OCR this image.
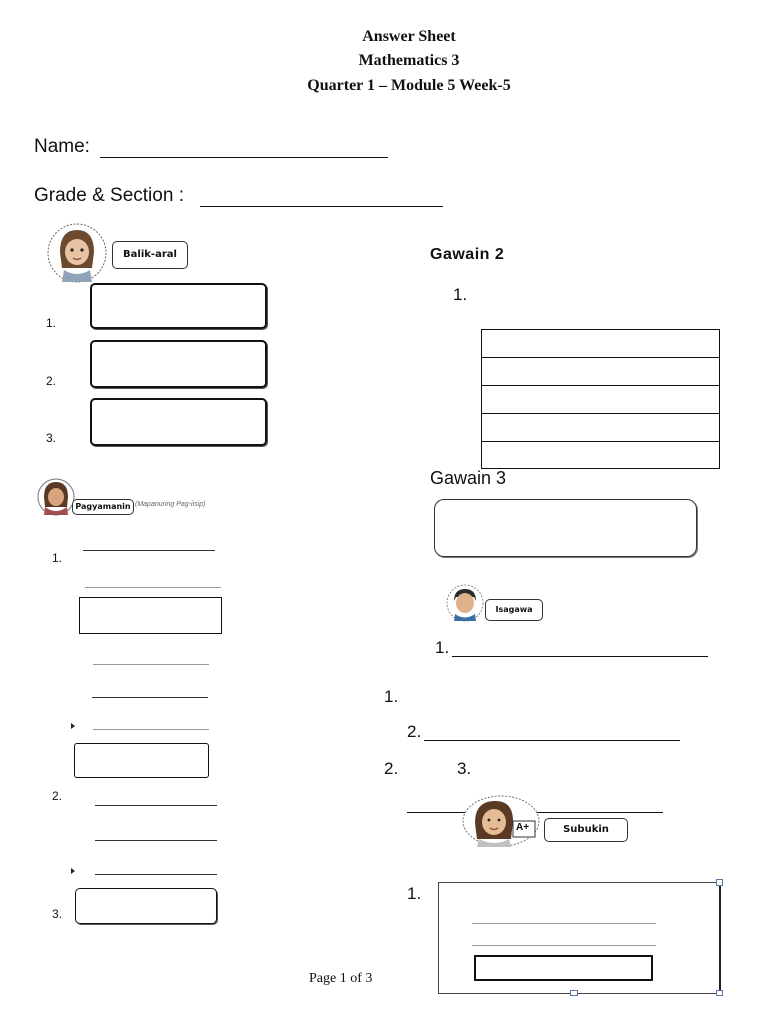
Answer Sheet
Mathematics 3
Quarter 1 – Module 5 Week-5
Name:
Grade & Section :
Balik-aral
1.
2.
3.
Pagyamanin (Mapanuring Pag-iisip)
1.
2.
3.
Gawain 2
1.
Gawain 3
Isagawa
1.
1.
2.
2.	3.
A+	Subukin
1.
Page 1 of 3
